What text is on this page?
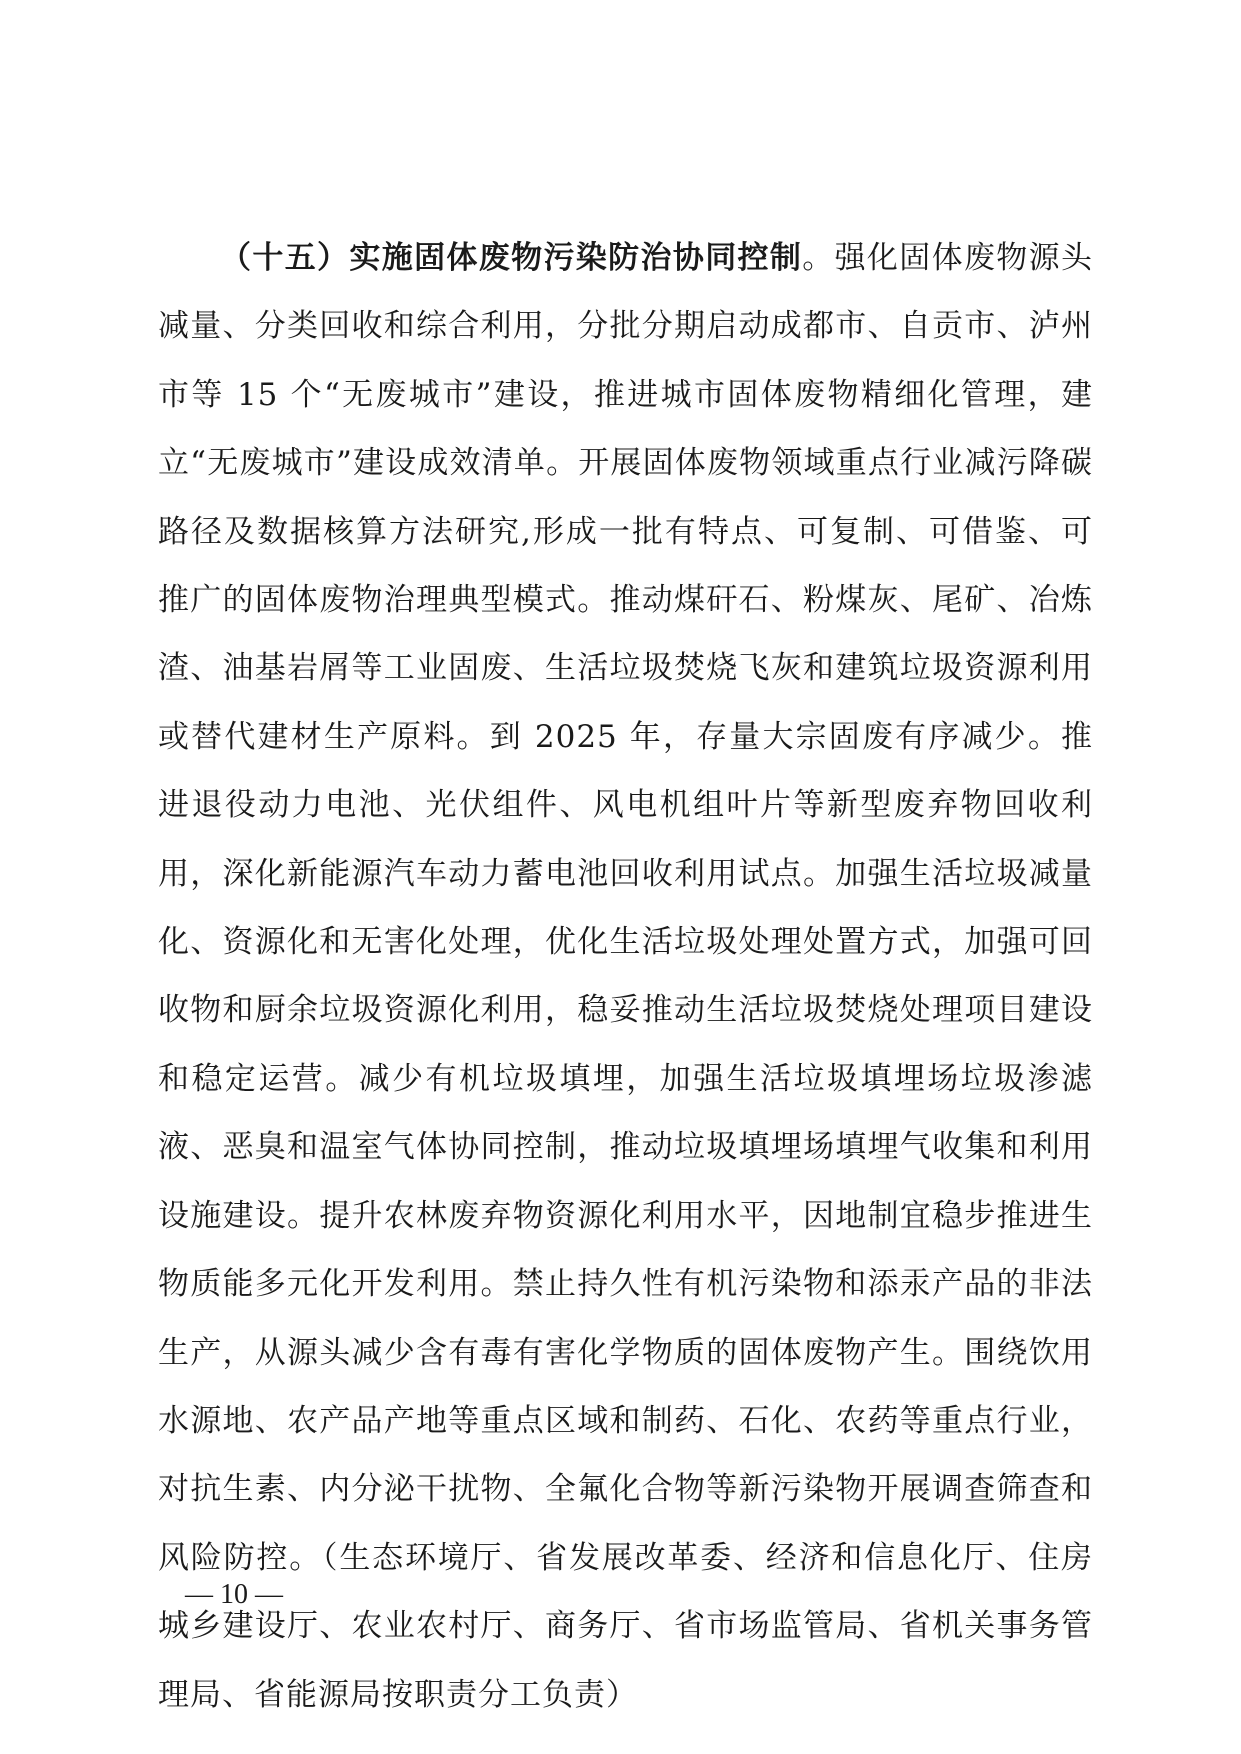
（十五）实施固体废物污染防治协同控制。强化固体废物源头减量、分类回收和综合利用，分批分期启动成都市、自贡市、泸州市等 15 个“无废城市”建设，推进城市固体废物精细化管理，建立“无废城市”建设成效清单。开展固体废物领域重点行业减污降碳路径及数据核算方法研究,形成一批有特点、可复制、可借鉴、可推广的固体废物治理典型模式。推动煤矸石、粉煤灰、尾矿、冶炼渣、油基岩屑等工业固废、生活垃圾焚烧飞灰和建筑垃圾资源利用或替代建材生产原料。到 2025 年，存量大宗固废有序减少。推进退役动力电池、光伏组件、风电机组叶片等新型废弃物回收利用，深化新能源汽车动力蓄电池回收利用试点。加强生活垃圾减量化、资源化和无害化处理，优化生活垃圾处理处置方式，加强可回收物和厨余垃圾资源化利用，稳妥推动生活垃圾焚烧处理项目建设和稳定运营。减少有机垃圾填埋，加强生活垃圾填埋场垃圾渗滤液、恶臭和温室气体协同控制，推动垃圾填埋场填埋气收集和利用设施建设。提升农林废弃物资源化利用水平，因地制宜稳步推进生物质能多元化开发利用。禁止持久性有机污染物和添汞产品的非法生产，从源头减少含有毒有害化学物质的固体废物产生。围绕饮用水源地、农产品产地等重点区域和制药、石化、农药等重点行业，对抗生素、内分泌干扰物、全氟化合物等新污染物开展调查筛查和风险防控。（生态环境厅、省发展改革委、经济和信息化厅、住房城乡建设厅、农业农村厅、商务厅、省市场监管局、省机关事务管理局、省能源局按职责分工负责）

— 10 —
